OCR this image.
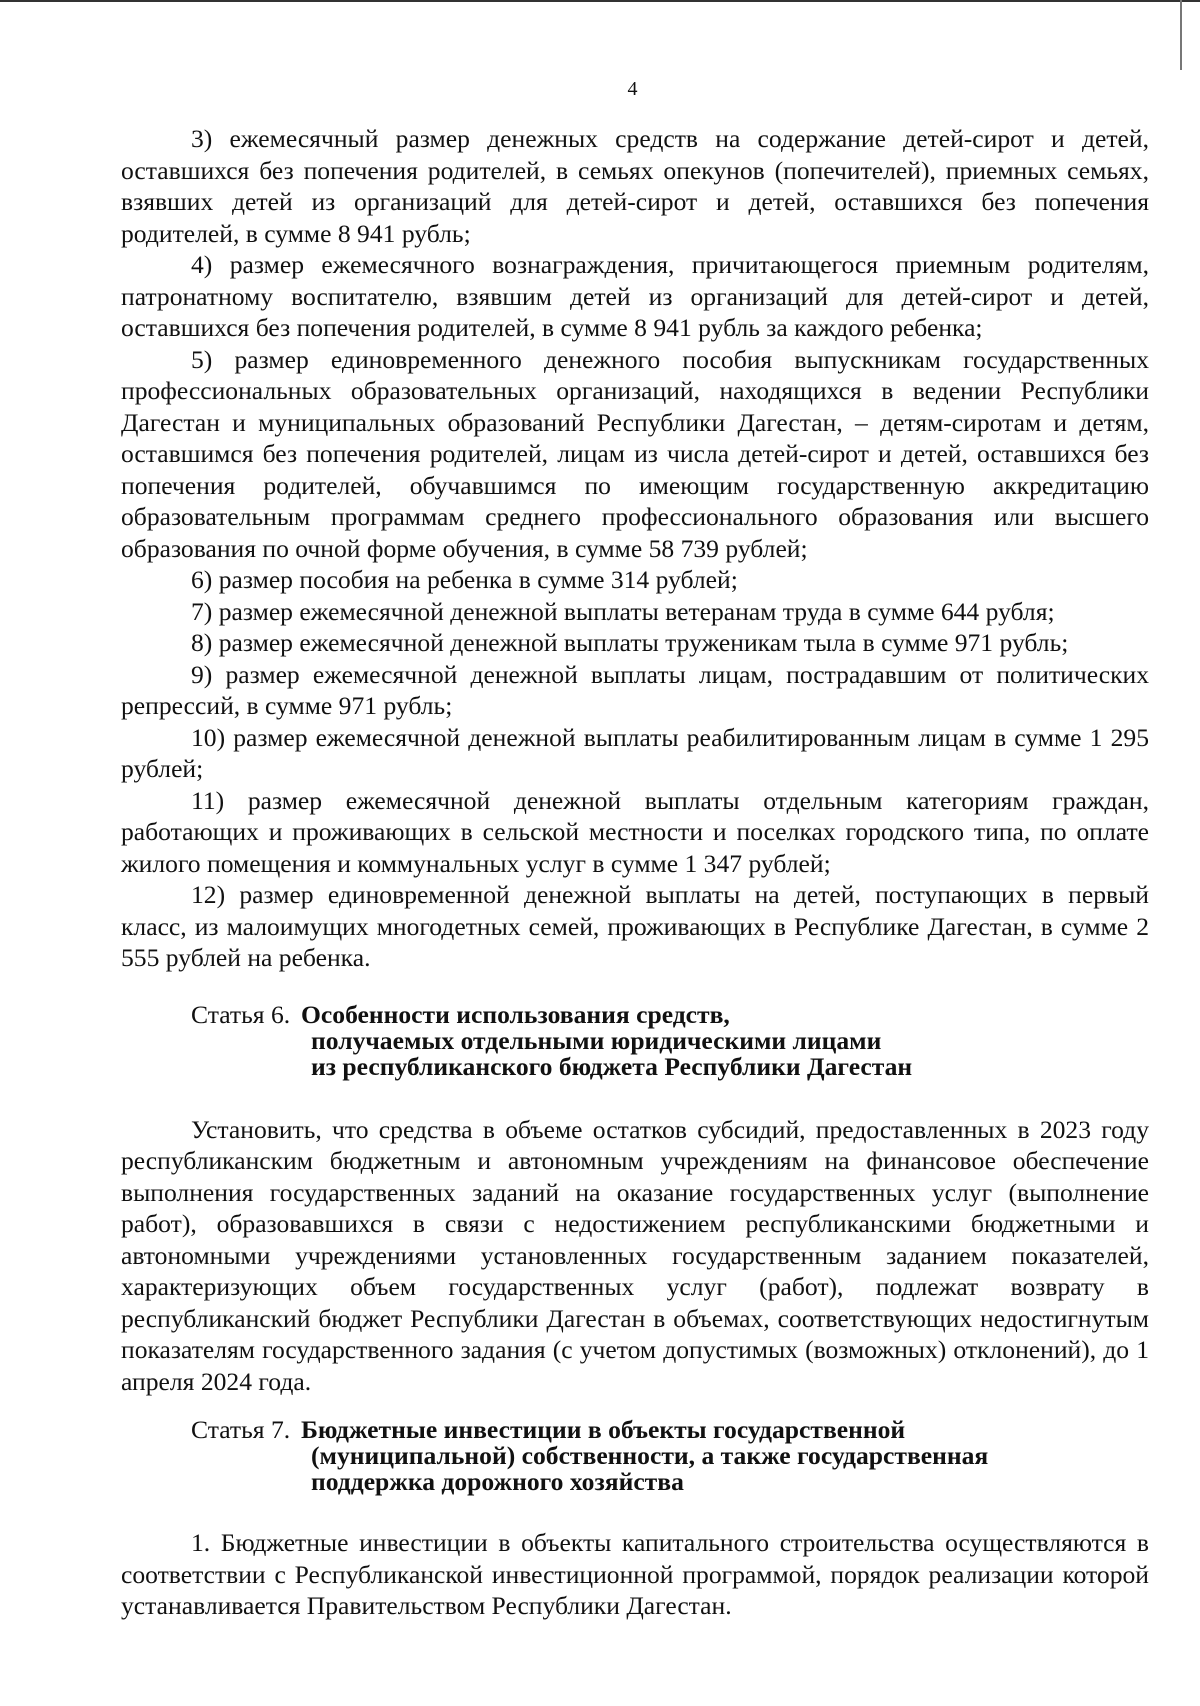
4

3) ежемесячный размер денежных средств на содержание детей-сирот и детей, оставшихся без попечения родителей, в семьях опекунов (попечителей), приемных семьях, взявших детей из организаций для детей-сирот и детей, оставшихся без попечения родителей, в сумме 8 941 рубль;

4) размер ежемесячного вознаграждения, причитающегося приемным родителям, патронатному воспитателю, взявшим детей из организаций для детей-сирот и детей, оставшихся без попечения родителей, в сумме 8 941 рубль за каждого ребенка;

5) размер единовременного денежного пособия выпускникам государственных профессиональных образовательных организаций, находящихся в ведении Республики Дагестан и муниципальных образований Республики Дагестан, – детям-сиротам и детям, оставшимся без попечения родителей, лицам из числа детей-сирот и детей, оставшихся без попечения родителей, обучавшимся по имеющим государственную аккредитацию образовательным программам среднего профессионального образования или высшего образования по очной форме обучения, в сумме 58 739 рублей;

6) размер пособия на ребенка в сумме 314 рублей;

7) размер ежемесячной денежной выплаты ветеранам труда в сумме 644 рубля;

8) размер ежемесячной денежной выплаты труженикам тыла в сумме 971 рубль;

9) размер ежемесячной денежной выплаты лицам, пострадавшим от политических репрессий, в сумме 971 рубль;

10) размер ежемесячной денежной выплаты реабилитированным лицам в сумме 1 295 рублей;

11) размер ежемесячной денежной выплаты отдельным категориям граждан, работающих и проживающих в сельской местности и поселках городского типа, по оплате жилого помещения и коммунальных услуг в сумме 1 347 рублей;

12) размер единовременной денежной выплаты на детей, поступающих в первый класс, из малоимущих многодетных семей, проживающих в Республике Дагестан, в сумме 2 555 рублей на ребенка.

Статья 6. Особенности использования средств,
получаемых отдельными юридическими лицами
из республиканского бюджета Республики Дагестан

Установить, что средства в объеме остатков субсидий, предоставленных в 2023 году республиканским бюджетным и автономным учреждениям на финансовое обеспечение выполнения государственных заданий на оказание государственных услуг (выполнение работ), образовавшихся в связи с недостижением республиканскими бюджетными и автономными учреждениями установленных государственным заданием показателей, характеризующих объем государственных услуг (работ), подлежат возврату в республиканский бюджет Республики Дагестан в объемах, соответствующих недостигнутым показателям государственного задания (с учетом допустимых (возможных) отклонений), до 1 апреля 2024 года.

Статья 7. Бюджетные инвестиции в объекты государственной
(муниципальной) собственности, а также государственная
поддержка дорожного хозяйства

1. Бюджетные инвестиции в объекты капитального строительства осуществляются в соответствии с Республиканской инвестиционной программой, порядок реализации которой устанавливается Правительством Республики Дагестан.
